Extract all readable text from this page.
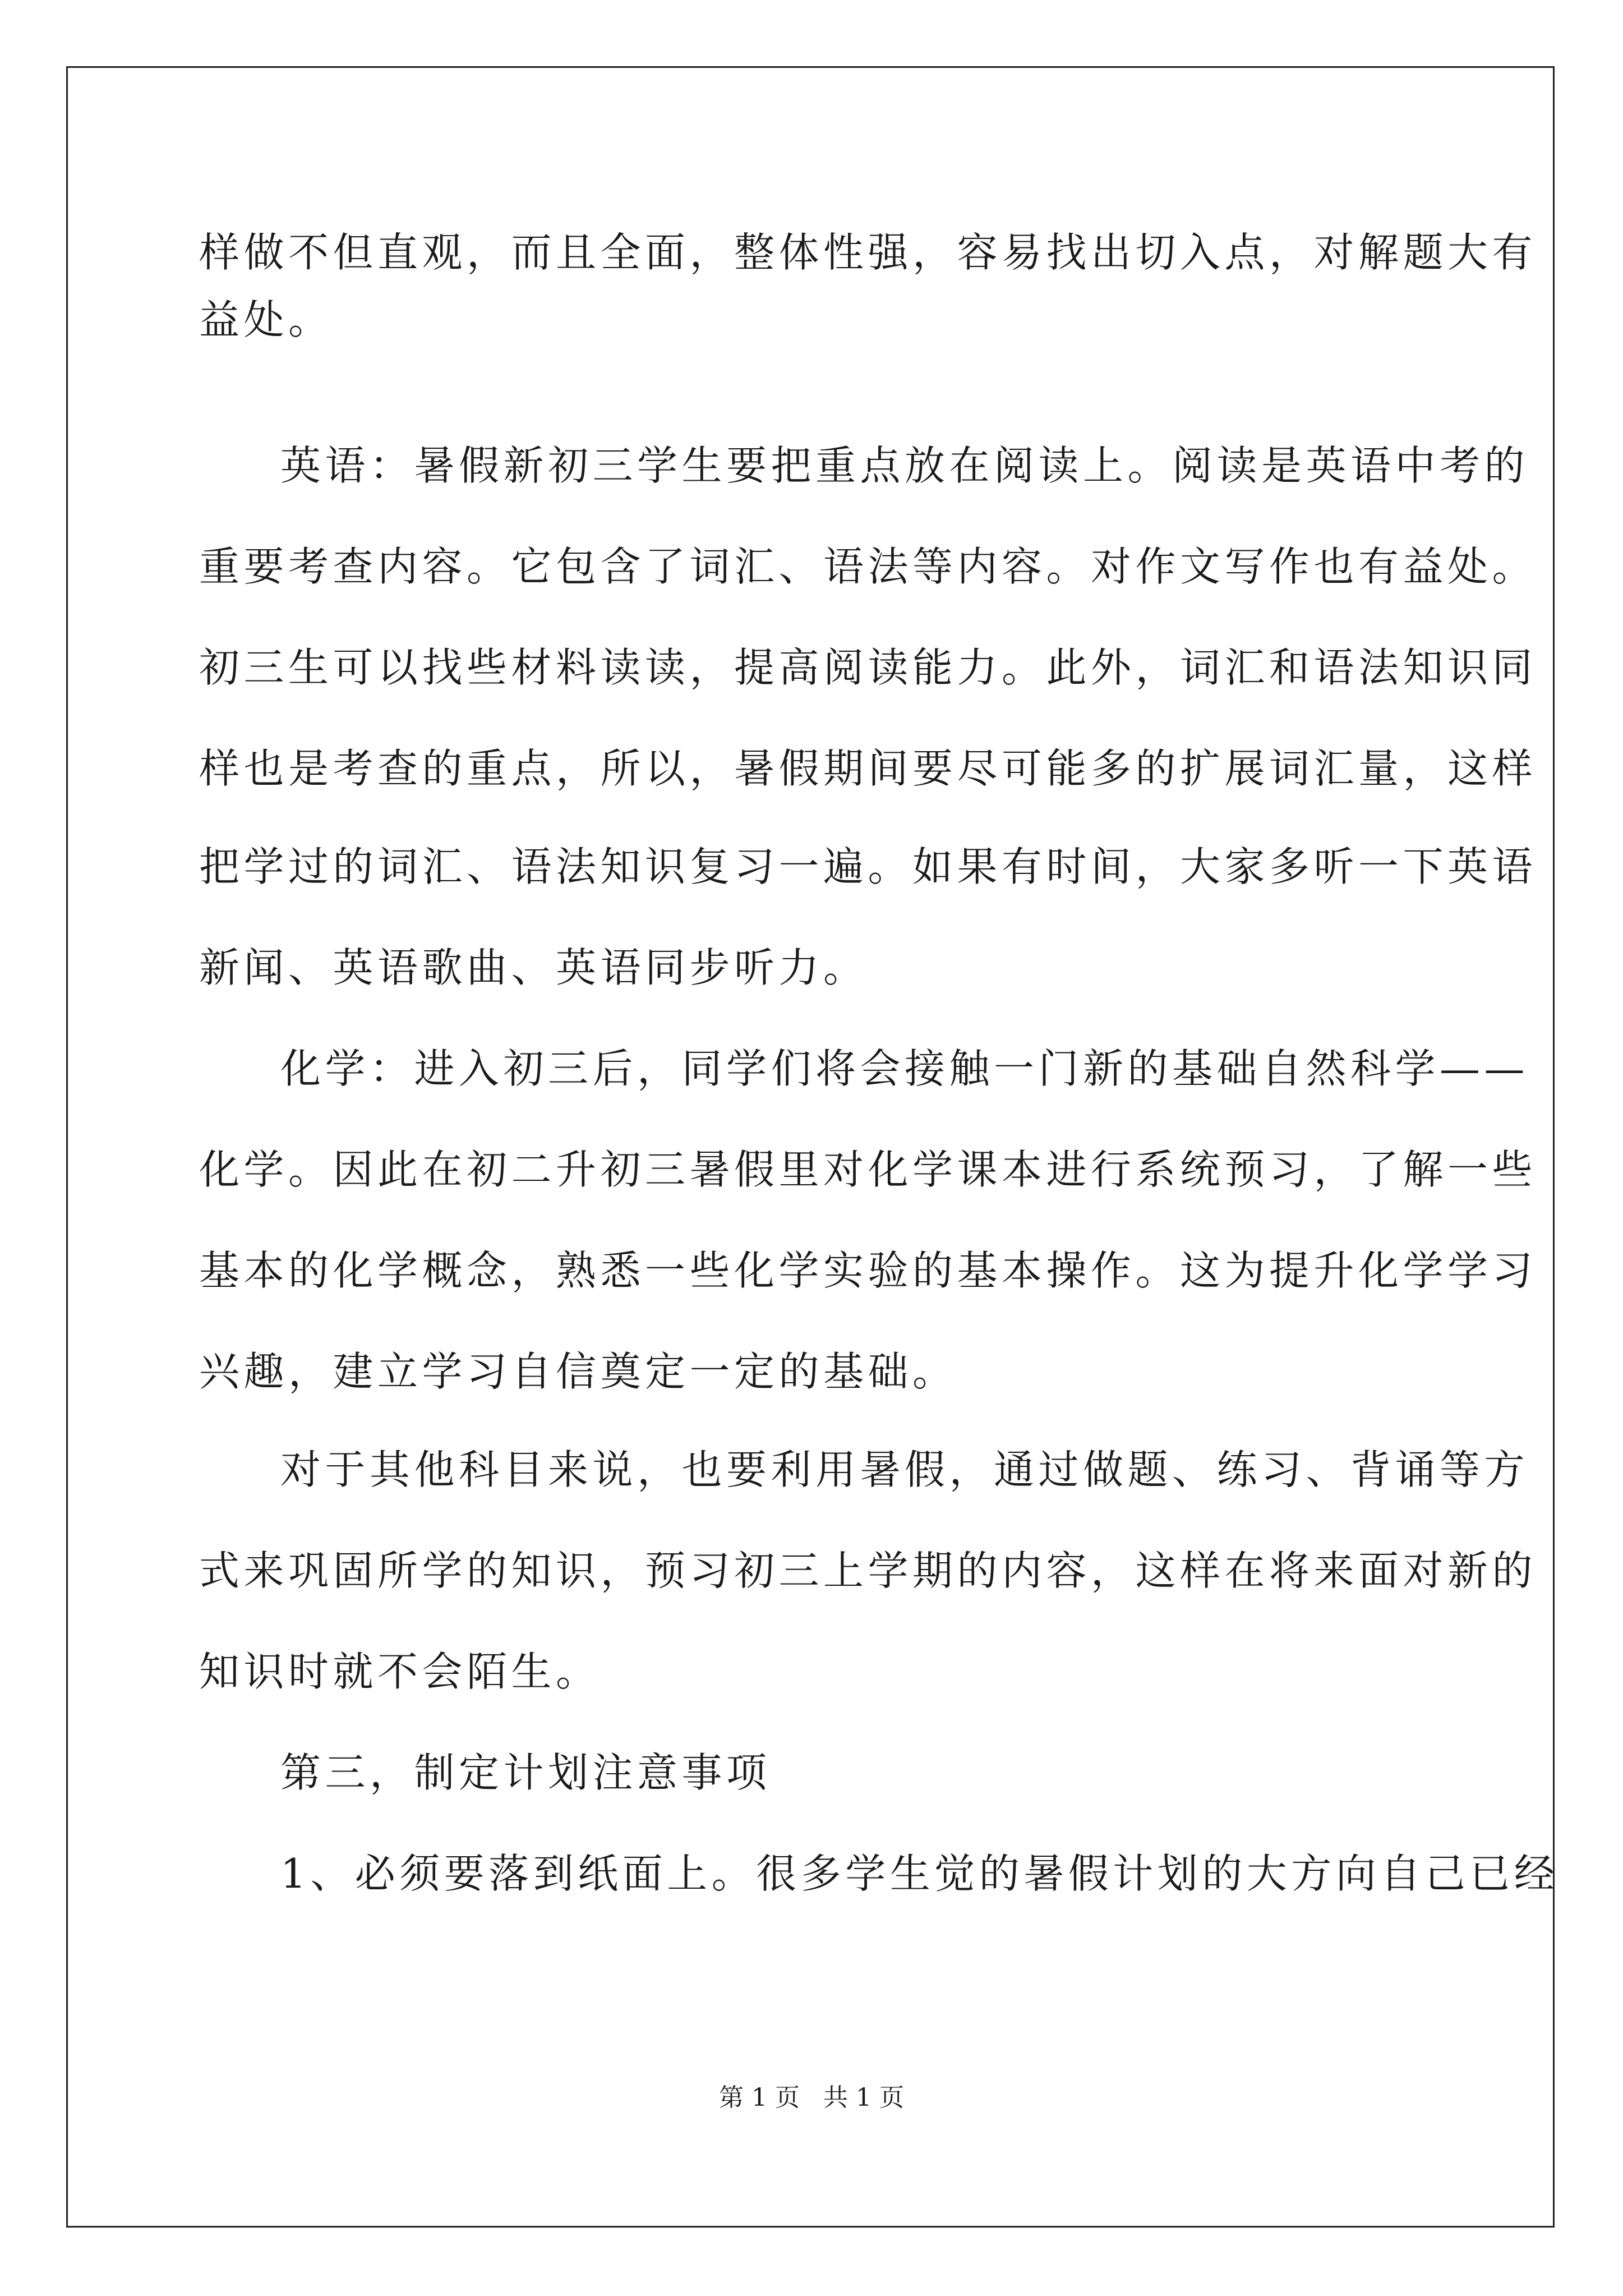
样做不但直观，而且全面，整体性强，容易找出切入点，对解题大有
益处。
英语：暑假新初三学生要把重点放在阅读上。阅读是英语中考的
重要考查内容。它包含了词汇、语法等内容。对作文写作也有益处。
初三生可以找些材料读读，提高阅读能力。此外，词汇和语法知识同
样也是考查的重点，所以，暑假期间要尽可能多的扩展词汇量，这样
把学过的词汇、语法知识复习一遍。如果有时间，大家多听一下英语
新闻、英语歌曲、英语同步听力。
化学：进入初三后，同学们将会接触一门新的基础自然科学——
化学。因此在初二升初三暑假里对化学课本进行系统预习，了解一些
基本的化学概念，熟悉一些化学实验的基本操作。这为提升化学学习
兴趣，建立学习自信奠定一定的基础。
对于其他科目来说，也要利用暑假，通过做题、练习、背诵等方
式来巩固所学的知识，预习初三上学期的内容，这样在将来面对新的
知识时就不会陌生。
第三，制定计划注意事项
1、必须要落到纸面上。很多学生觉的暑假计划的大方向自己已经
第 1 页   共 1 页
